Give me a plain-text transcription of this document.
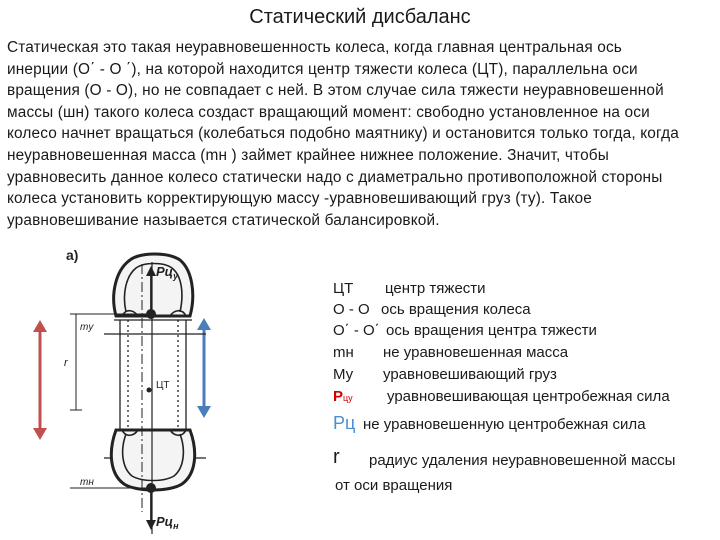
Статический дисбаланс
Статическая это такая неуравновешенность колеса, когда главная центральная ось
инерции (О΄ - О ΄), на которой находится центр тяжести колеса (ЦТ), параллельна оси
вращения (О - О), но не совпадает с ней. В этом случае сила тяжести неуравновешенной
массы (шн) такого колеса создаст вращающий момент: свободно установленное на оси
колесо начнет вращаться (колебаться подобно маятнику) и остановится только тогда, когда
неуравновешенная масса (mн ) займет крайнее нижнее положение. Значит, чтобы
уравновесить данное колесо статически надо с диаметрально противоположной стороны
колеса установить корректирующую массу -уравновешивающий груз (ту). Такое
уравновешивание называется статической балансировкой.
а)
$Рц_у$
mу
ЦТ
r
mн
$Рц_н$
ЦТ центр тяжести
О - О ось вращения колеса
О΄ - О΄ ось вращения центра тяжести
mн не уравновешенная масса
Му уравновешивающий груз
Рцу уравновешивающая центробежная сила
Рц не уравновешенную центробежная сила
r радиус удаления неуравновешенной массы
от оси вращения
